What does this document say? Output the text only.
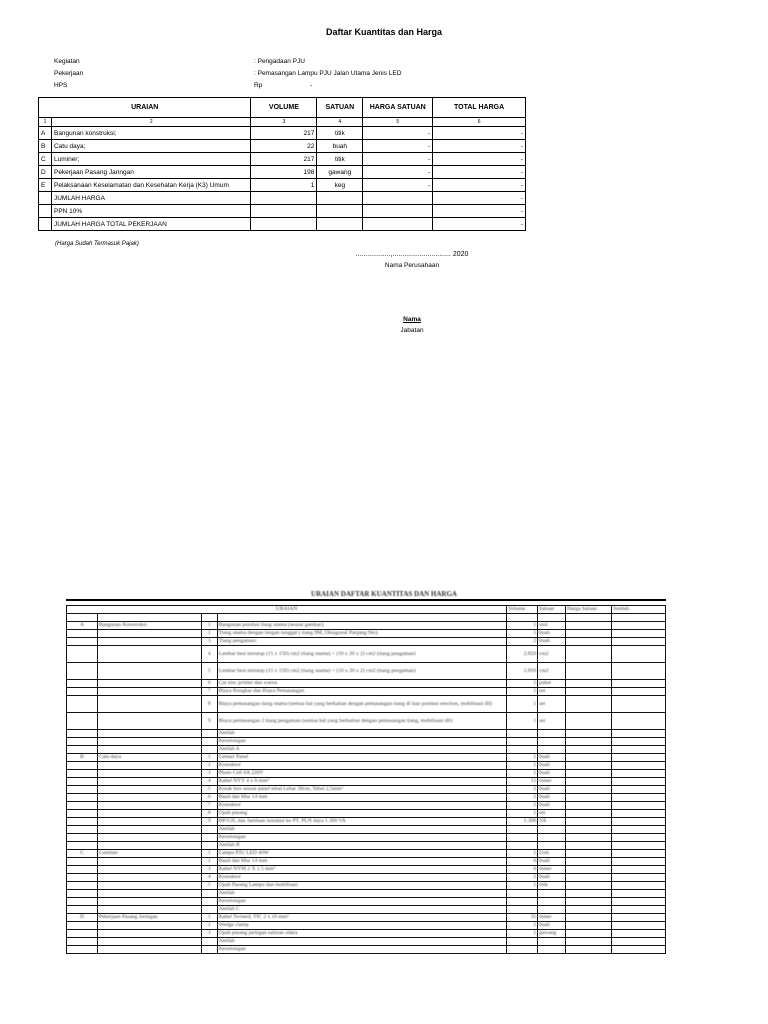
Daftar Kuantitas dan Harga
Kegiatan	: Pengadaan PJU
Pekerjaan	: Pemasangan Lampu PJU Jalan Utama Jenis LED
HPS	Rp	-
URAIAN		VOLUME	SATUAN	HARGA SATUAN	TOTAL HARGA
1	2	3	4	5	6
A	Bangunan konstruksi;	217	titik	-	-
B	Catu daya;	22	buah	-	-
C	Luminer;	217	titik	-	-
D	Pekerjaan Pasang Jaringan	198	gawang	-	-
E	Pelaksanaan Keselamatan dan Kesehatan Kerja (K3) Umum	1	keg	-	-
	JUMLAH HARGA				-
	PPN 10%				-
	JUMLAH HARGA TOTAL PEKERJAAN				-
(Harga Sudah Termasuk Pajak)
..................,.............................. 2020
Nama Perusahaan
Nama
Jabatan
URAIAN DAFTAR KUANTITAS DAN HARGA
URAIAN				Volume	Satuan	Harga Satuan	Jumlah

A	Bangunan Konstruksi	1	Bangunan pondasi tiang utama (sesuai gambar);	1	unit		
		2	Tiang utama dengan lengan tunggal ( tiang 9M, Oktagonal Panjang 9m);	1	buah		
		3	Tiang pengaman;	2	buah		
		4	Lembar besi tertutup (15 x 150) cm2 (tiang utama) + (10 x 20 x 2) cm2 (tiang pengaman)	2.850	cm2		
		5	Lembar besi tertutup (15 x 150) cm2 (tiang utama) + (10 x 20 x 2) cm2 (tiang pengaman)	2.850	cm2		
		6	Cat zinc primer dan warna	1	paket		
		7	Biaya Bongkar dan Biaya Pemasangan	1	set		
		8	Biaya pemasangan tiang utama (semua hal yang berkaitan dengan pemasangan tiang di luar pondasi erection, mobilisasi dll)	1	set		
		9	Biaya pemasangan 2 tiang pengaman (semua hal yang berkaitan dengan pemasangan tiang, mobilisasi dll)	1	set		
			Jumlah				
			Keuntungan				
			Jumlah A				
B	Catu daya	1	Lemari Panel	1	buah		
		2	Kontaktor	1	buah		
		3	Photo Cell 6A 220V	1	buah		
		4	Kabel NYY 4 x 6 mm²	11	meter		
		5	Kotak box sesuai panel tebal Lebar 30cm, Tebal 2,5mm²	2	buah		
		6	Band dan Mur 14 mm	2	buah		
		7	Kontaktor	2	buah		
		8	Upah pasang	1	set		
		9	BP/UJL dan Jaminan instalasi ke PT. PLN daya 1.300 VA	1.300	VA		
			Jumlah				
			Keuntungan				
			Jumlah B				
C	Luminer	1	Lampu PJU LED 40W	1	Unit		
		2	Band dan Mur 14 mm	6	buah		
		3	Kabel NYM 2 X 1.5 mm²	6	meter		
		4	Kontaktor	2	buah		
		5	Upah Pasang Lampu dan mobilisasi	1	titik		
			Jumlah				
			Keuntungan				
			Jumlah C				
D	Pekerjaan Pasang Jaringan	1	Kabel Twisted, TIC 2 x 10 mm²	35	meter		
		2	Wedge clamp	2	buah		
		3	Upah pasang jaringan saluran udara	1	gawang		
			Jumlah				
			Keuntungan				
